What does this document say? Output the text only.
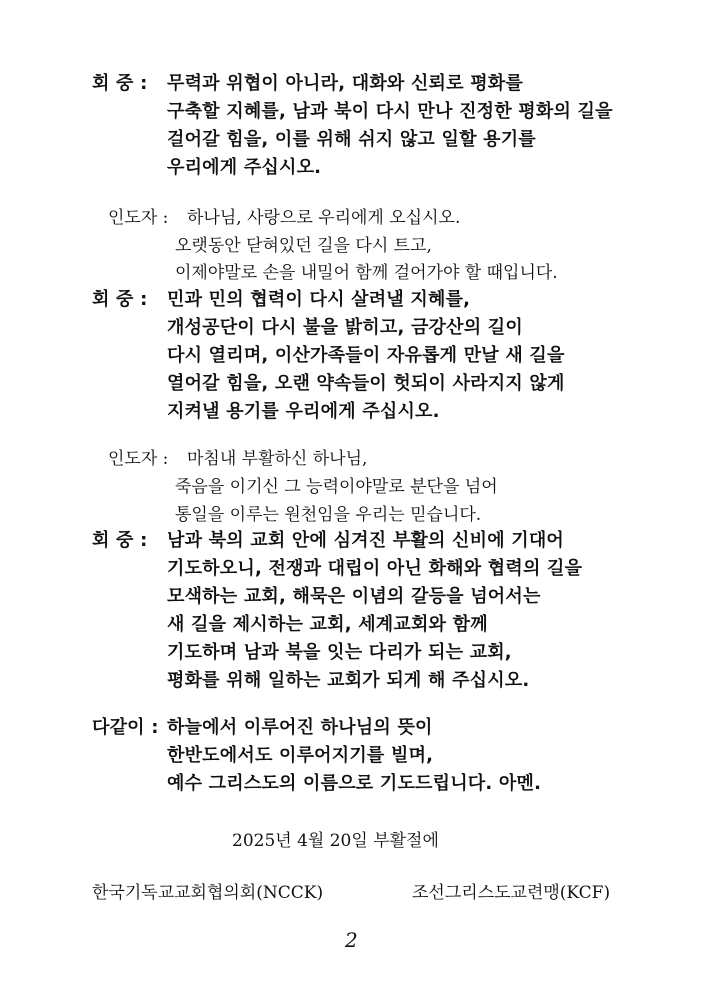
회 중 : 무력과 위협이 아니라, 대화와 신뢰로 평화를
구축할 지혜를, 남과 북이 다시 만나 진정한 평화의 길을
걸어갈 힘을, 이를 위해 쉬지 않고 일할 용기를
우리에게 주십시오.
인도자 : 하나님, 사랑으로 우리에게 오십시오.
오랫동안 닫혀있던 길을 다시 트고,
이제야말로 손을 내밀어 함께 걸어가야 할 때입니다.
회 중 : 민과 민의 협력이 다시 살려낼 지혜를,
개성공단이 다시 불을 밝히고, 금강산의 길이
다시 열리며, 이산가족들이 자유롭게 만날 새 길을
열어갈 힘을, 오랜 약속들이 헛되이 사라지지 않게
지켜낼 용기를 우리에게 주십시오.
인도자 : 마침내 부활하신 하나님,
죽음을 이기신 그 능력이야말로 분단을 넘어
통일을 이루는 원천임을 우리는 믿습니다.
회 중 : 남과 북의 교회 안에 심겨진 부활의 신비에 기대어
기도하오니, 전쟁과 대립이 아닌 화해와 협력의 길을
모색하는 교회, 해묵은 이념의 갈등을 넘어서는
새 길을 제시하는 교회, 세계교회와 함께
기도하며 남과 북을 잇는 다리가 되는 교회,
평화를 위해 일하는 교회가 되게 해 주십시오.
다같이 : 하늘에서 이루어진 하나님의 뜻이
한반도에서도 이루어지기를 빌며,
예수 그리스도의 이름으로 기도드립니다. 아멘.
2025년 4월 20일 부활절에
한국기독교교회협의회(NCCK)	조선그리스도교련맹(KCF)
2
